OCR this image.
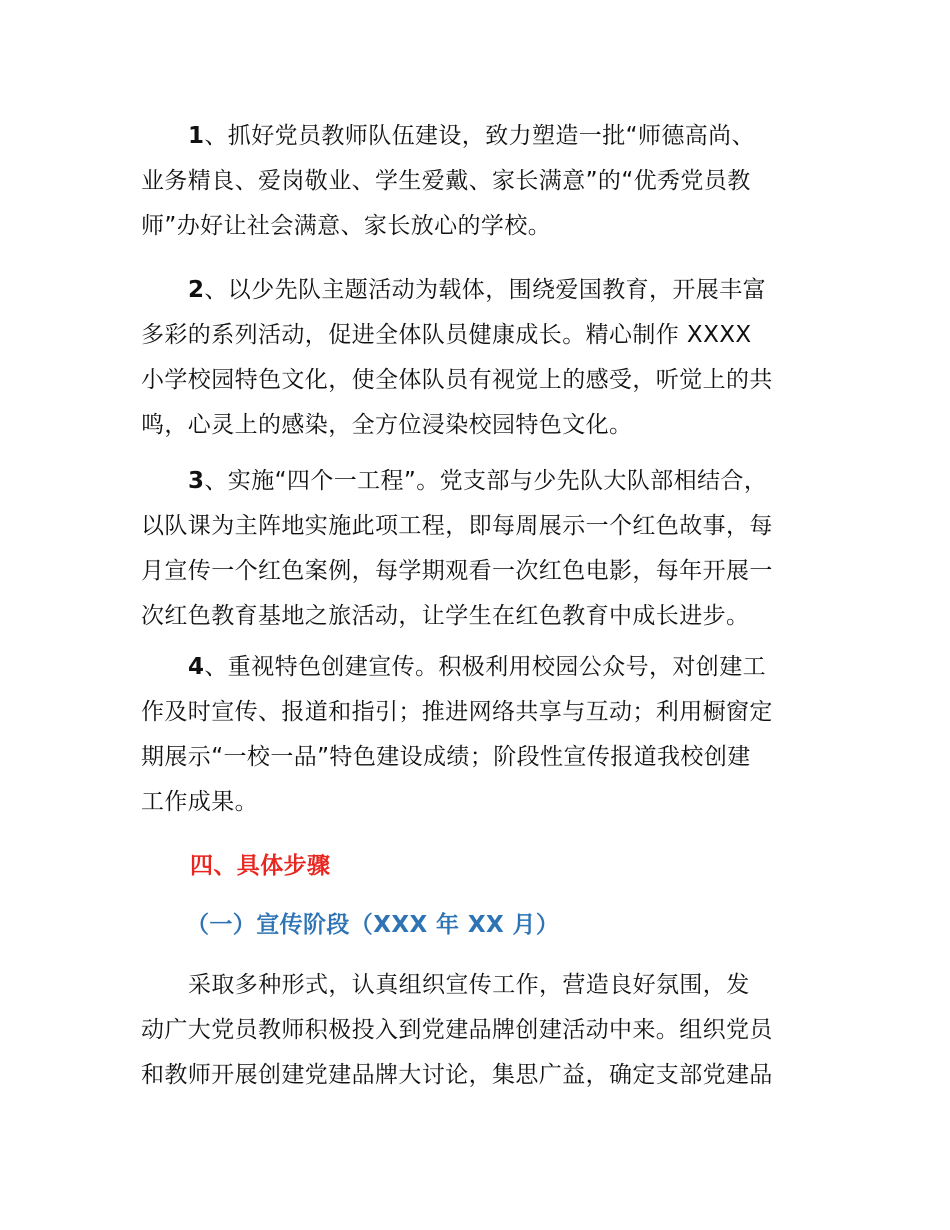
1、抓好党员教师队伍建设，致力塑造一批“师德高尚、
业务精良、爱岗敬业、学生爱戴、家长满意”的“优秀党员教
师”办好让社会满意、家长放心的学校。

2、以少先队主题活动为载体，围绕爱国教育，开展丰富
多彩的系列活动，促进全体队员健康成长。精心制作 XXXX
小学校园特色文化，使全体队员有视觉上的感受，听觉上的共
鸣，心灵上的感染，全方位浸染校园特色文化。

3、实施“四个一工程”。党支部与少先队大队部相结合，
以队课为主阵地实施此项工程，即每周展示一个红色故事，每
月宣传一个红色案例，每学期观看一次红色电影，每年开展一
次红色教育基地之旅活动，让学生在红色教育中成长进步。

4、重视特色创建宣传。积极利用校园公众号，对创建工
作及时宣传、报道和指引；推进网络共享与互动；利用橱窗定
期展示“一校一品”特色建设成绩；阶段性宣传报道我校创建
工作成果。

四、具体步骤
（一）宣传阶段（XXX 年 XX 月）

采取多种形式，认真组织宣传工作，营造良好氛围，发
动广大党员教师积极投入到党建品牌创建活动中来。组织党员
和教师开展创建党建品牌大讨论，集思广益，确定支部党建品
